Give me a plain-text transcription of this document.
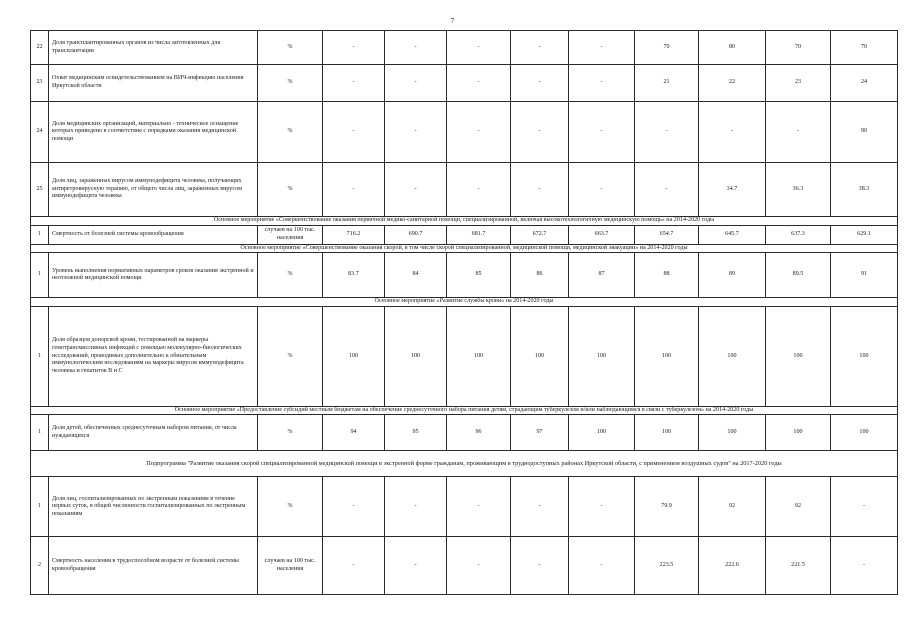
7
22	Доля трансплантированных органов из числа заготовленных для трансплантации	%	-	-	-	-	-	70	80	70	70
23	Охват медицинским освидетельствованием на ВИЧ-инфекцию населения Иркутской области	%	-	-	-	-	-	21	22	23	24
24	Доля медицинских организаций, материально - техническое оснащение которых приведено в соответствие с порядками оказания медицинской помощи	%	-	-	-	-	-	-	-	-	90
25	Доля лиц, зараженных вирусом иммунодефицита человека, получающих антиретровирусную терапию, от общего числа лиц, зараженных вирусом иммунодефицита человека	%	-	-	-	-	-	-	34.7	36.3	38.3
Основное мероприятие «Совершенствование оказания первичной медико-санитарной помощи, специализированной, включая высокотехнологичную медицинскую помощь» на 2014-2020 годы											
1	Смертность от болезней системы кровообращения	случаев на 100 тыс. населения	716.2	690.7	681.7	672.7	663.7	654.7	645.7	637.3	629.1
Основное мероприятие «Совершенствование оказания скорой, в том числе скорой специализированной, медицинской помощи, медицинской эвакуации» на 2014-2020 годы											
1	Уровень выполнения нормативных параметров сроков оказания экстренной и неотложной медицинской помощи	%	83.7	84	85	86	87	88	89	89.5	91
Основное мероприятие «Развитие службы крови» на 2014-2020 годы											
1	Доля образцов донорской крови, тестированной на маркеры гемотрансмиссивных инфекций с помощью молекулярно-биологических исследований, проводимых дополнительно к обязательным иммунологическим исследованиям на маркеры вирусов иммунодефицита человека и гепатитов В и С	%	100	100	100	100	100	100	100	100	100
Основное мероприятие «Предоставление субсидий местным бюджетам на обеспечение среднесуточного набора питания детям, страдающим туберкулезом и/или наблюдающимся в связи с туберкулезом» на 2014-2020 годы											
1	Доля детей, обеспеченных среднесуточным набором питания, от числа нуждающихся	%	94	95	96	97	100	100	100	100	100
Подпрограмма "Развитие оказания скорой специализированной медицинской помощи в экстренной форме гражданам, проживающим в труднодоступных районах Иркутской области, с применением воздушных судов" на 2017-2020 годы											
1	Доля лиц, госпитализированных по экстренным показаниям в течение первых суток, в общей численности госпитализированных по экстренным показаниям	%	-	-	-	-	-	79.9	92	92	-
2	Смертность населения в трудоспособном возрасте от болезней системы кровообращения	случаев на 100 тыс. населения	-	-	-	-	-	223.5	222.6	221.5	-
